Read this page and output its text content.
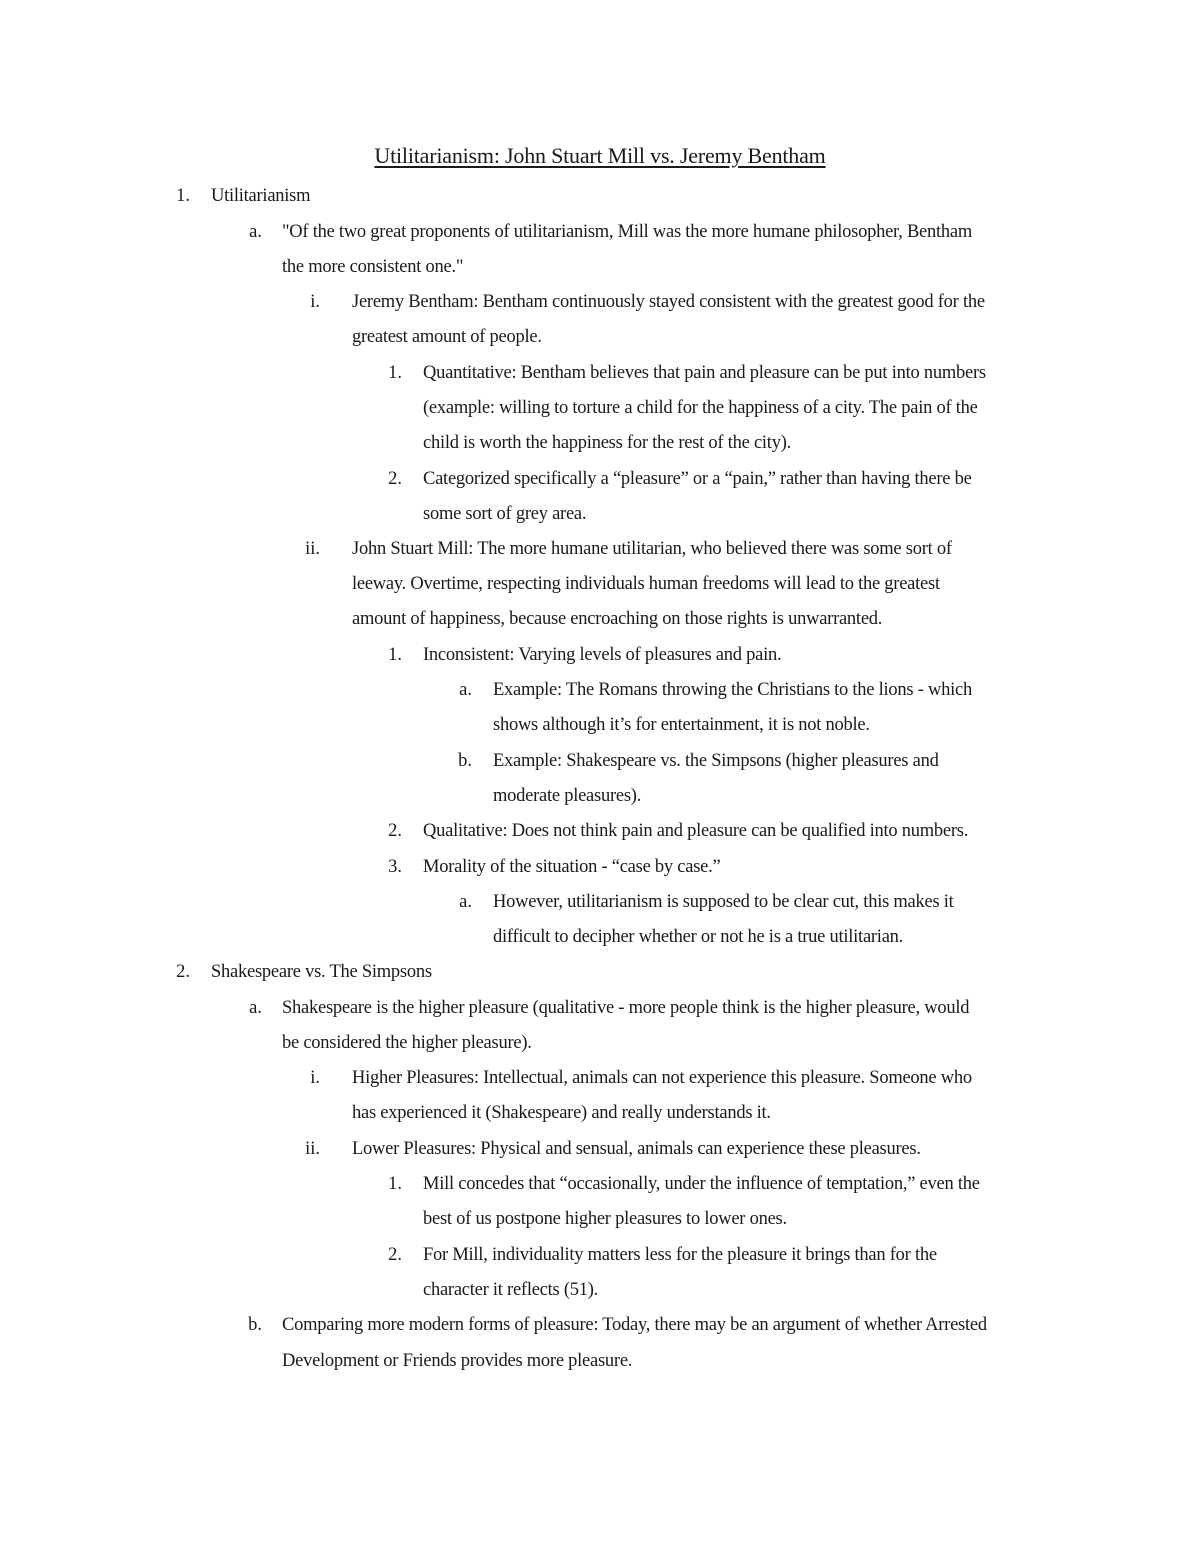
Utilitarianism: John Stuart Mill vs. Jeremy Bentham
1. Utilitarianism
a. "Of the two great proponents of utilitarianism, Mill was the more humane philosopher, Bentham
the more consistent one."
i. Jeremy Bentham: Bentham continuously stayed consistent with the greatest good for the
greatest amount of people.
1. Quantitative: Bentham believes that pain and pleasure can be put into numbers
(example: willing to torture a child for the happiness of a city. The pain of the
child is worth the happiness for the rest of the city).
2. Categorized specifically a “pleasure” or a “pain,” rather than having there be
some sort of grey area.
ii. John Stuart Mill: The more humane utilitarian, who believed there was some sort of
leeway. Overtime, respecting individuals human freedoms will lead to the greatest
amount of happiness, because encroaching on those rights is unwarranted.
1. Inconsistent: Varying levels of pleasures and pain.
a. Example: The Romans throwing the Christians to the lions - which
shows although it’s for entertainment, it is not noble.
b. Example: Shakespeare vs. the Simpsons (higher pleasures and
moderate pleasures).
2. Qualitative: Does not think pain and pleasure can be qualified into numbers.
3. Morality of the situation - “case by case.”
a. However, utilitarianism is supposed to be clear cut, this makes it
difficult to decipher whether or not he is a true utilitarian.
2. Shakespeare vs. The Simpsons
a. Shakespeare is the higher pleasure (qualitative - more people think is the higher pleasure, would
be considered the higher pleasure).
i. Higher Pleasures: Intellectual, animals can not experience this pleasure. Someone who
has experienced it (Shakespeare) and really understands it.
ii. Lower Pleasures: Physical and sensual, animals can experience these pleasures.
1. Mill concedes that “occasionally, under the influence of temptation,” even the
best of us postpone higher pleasures to lower ones.
2. For Mill, individuality matters less for the pleasure it brings than for the
character it reflects (51).
b. Comparing more modern forms of pleasure: Today, there may be an argument of whether Arrested
Development or Friends provides more pleasure.
